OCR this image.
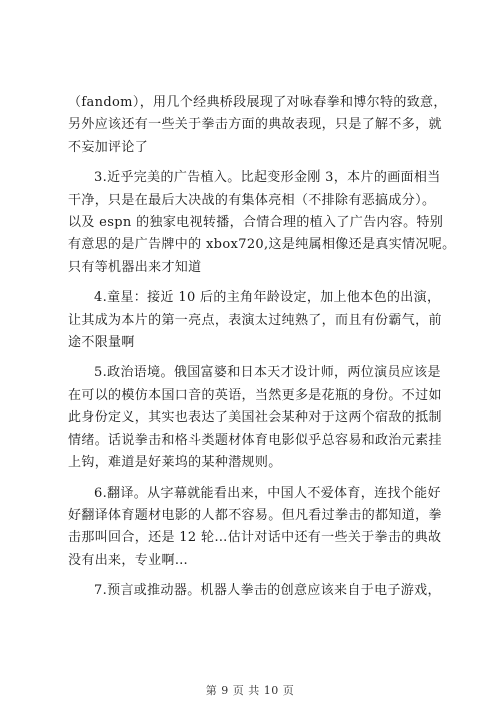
（fandom），用几个经典桥段展现了对咏春拳和博尔特的致意，
另外应该还有一些关于拳击方面的典故表现，只是了解不多，就
不妄加评论了

3.近乎完美的广告植入。比起变形金刚 3，本片的画面相当
干净，只是在最后大决战的有集体亮相（不排除有恶搞成分）。
以及 espn 的独家电视转播，合情合理的植入了广告内容。特别
有意思的是广告牌中的 xbox720,这是纯属相像还是真实情况呢。
只有等机器出来才知道

4.童星：接近 10 后的主角年龄设定，加上他本色的出演，
让其成为本片的第一亮点，表演太过纯熟了，而且有份霸气，前
途不限量啊

5.政治语境。俄国富婆和日本天才设计师，两位演员应该是
在可以的模仿本国口音的英语，当然更多是花瓶的身份。不过如
此身份定义，其实也表达了美国社会某种对于这两个宿敌的抵制
情绪。话说拳击和格斗类题材体育电影似乎总容易和政治元素挂
上钩，难道是好莱坞的某种潜规则。

6.翻译。从字幕就能看出来，中国人不爱体育，连找个能好
好翻译体育题材电影的人都不容易。但凡看过拳击的都知道，拳
击那叫回合，还是 12 轮…估计对话中还有一些关于拳击的典故
没有出来，专业啊…

7.预言或推动器。机器人拳击的创意应该来自于电子游戏，

第 9 页 共 10 页
